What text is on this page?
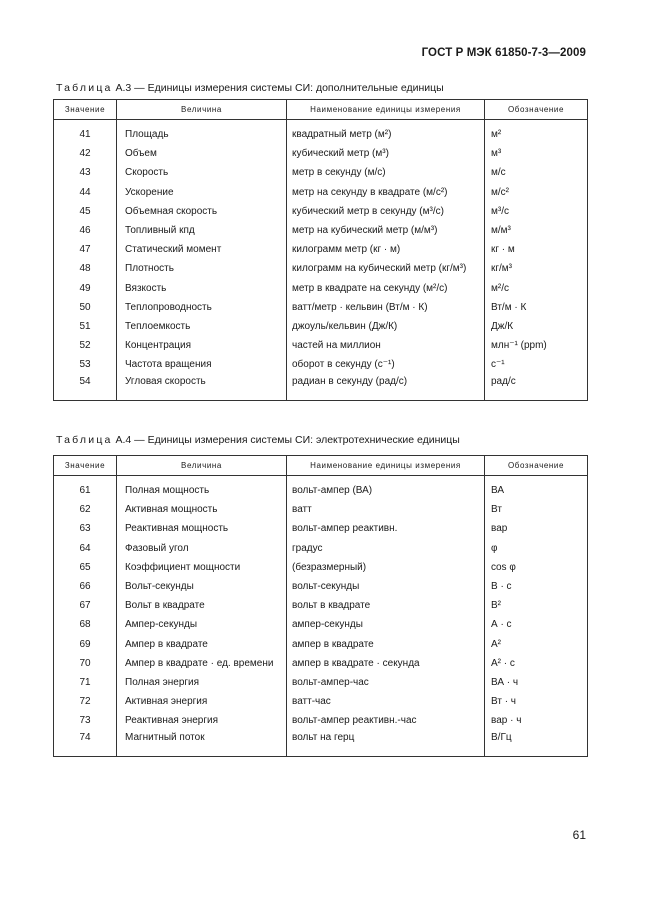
ГОСТ Р МЭК 61850-7-3—2009
Таблица А.3 — Единицы измерения системы СИ: дополнительные единицы
Значение	Величина	Наименование единицы измерения	Обозначение

41	Площадь	квадратный метр (м²)	м²
42	Объем	кубический метр (м³)	м³
43	Скорость	метр в секунду (м/с)	м/с
44	Ускорение	метр на секунду в квадрате (м/с²)	м/с²
45	Объемная скорость	кубический метр в секунду (м³/с)	м³/с
46	Топливный кпд	метр на кубический метр (м/м³)	м/м³
47	Статический момент	килограмм метр (кг · м)	кг · м
48	Плотность	килограмм на кубический метр (кг/м³)	кг/м³
49	Вязкость	метр в квадрате на секунду (м²/с)	м²/с
50	Теплопроводность	ватт/метр · кельвин (Вт/м · К)	Вт/м · К
51	Теплоемкость	джоуль/кельвин (Дж/К)	Дж/К
52	Концентрация	частей на миллион	млн⁻¹ (ppm)
53	Частота вращения	оборот в секунду (с⁻¹)	с⁻¹
54	Угловая скорость	радиан в секунду (рад/с)	рад/с
Таблица А.4 — Единицы измерения системы СИ: электротехнические единицы
Значение	Величина	Наименование единицы измерения	Обозначение

61	Полная мощность	вольт-ампер (ВА)	ВА
62	Активная мощность	ватт	Вт
63	Реактивная мощность	вольт-ампер реактивн.	вар
64	Фазовый угол	градус	φ
65	Коэффициент мощности	(безразмерный)	cos φ
66	Вольт-секунды	вольт-секунды	В · с
67	Вольт в квадрате	вольт в квадрате	В²
68	Ампер-секунды	ампер-секунды	А · с
69	Ампер в квадрате	ампер в квадрате	А²
70	Ампер в квадрате · ед. времени	ампер в квадрате · секунда	А² · с
71	Полная энергия	вольт-ампер-час	ВА · ч
72	Активная энергия	ватт-час	Вт · ч
73	Реактивная энергия	вольт-ампер реактивн.-час	вар · ч
74	Магнитный поток	вольт на герц	В/Гц
61
